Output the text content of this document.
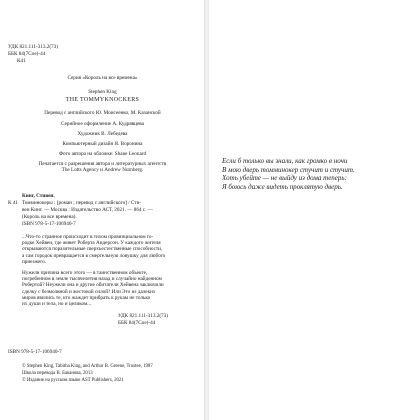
УДК 821.111-313.2(73)
ББК 84(7Сое)-44
К41
Серия «Король на все времена»
Stephen King
THE TOMMYKNOCKERS
Перевод с английского Ю. Моисеенко, М. Казанской
Серийное оформление А. Кудрявцева
Художник В. Лебедева
Компьютерный дизайн Я. Воронина
Фото автора на обложке: Shane Leonard
Печатается с разрешения автора и литературных агентств
The Lotts Agency и Andrew Nurnberg.
Кинг, Стивен.
К 41 Томминокеры : [роман ; перевод с английского] / Сти-
вен Кинг. — Москва : Издательство АСТ, 2021. — 864 с. —
(Король на все времена).
ISBN 978-5-17-106940-7
...Что-то странное происходит в тихом провинциальном го-
родке Хейвен, где живет Роберта Андерсон. У каждого жителя
открываются поразительные сверхъестественные способности,
а сам городок превращается в смертельную ловушку для любого
приезжего.
Нужели причина всего этого — в таинственном объекте,
погребенном в земле тысячелетия назад и случайно найденном
Робертой? Неужели она и другие обитатели Хейвена заключили
сделку с безмолвной и жестокой силой? Или Это из далеких
миров явились те, кто жаждет прибрать к рукам не только
их души и тела, но и целиком...
УДК 821.111-313.2(73)
ББК 84(7Сое)-44
ISBN 978-5-17-106940-7
© Stephen King, Tabitha King, and Arthur B. Greene, Trustee, 1987
Школа перевода В. Баканова, 2013
© Издание на русском языке AST Publishers, 2021
Если б только вы знали, как громко в ночи
В мою дверь томминокер стучит и стучит.
Хоть убейте — не выйду из дома теперь:
Я боюсь даже видеть проклятую дверь.
